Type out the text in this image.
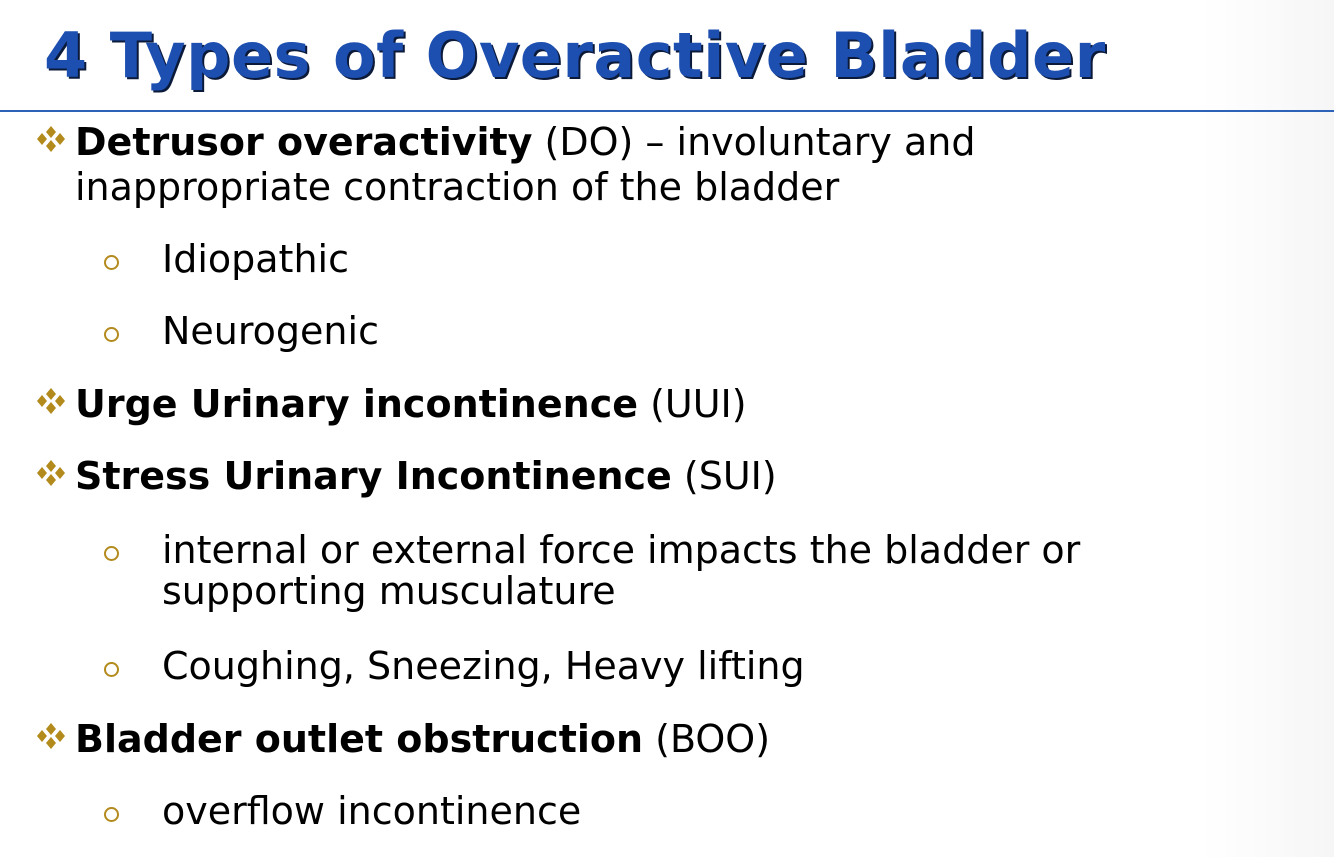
4 Types of Overactive Bladder
Detrusor overactivity (DO) – involuntary and
inappropriate contraction of the bladder
Idiopathic
Neurogenic
Urge Urinary incontinence (UUI)
Stress Urinary Incontinence (SUI)
internal or external force impacts the bladder or
supporting musculature
Coughing, Sneezing, Heavy lifting
Bladder outlet obstruction (BOO)
overflow incontinence
